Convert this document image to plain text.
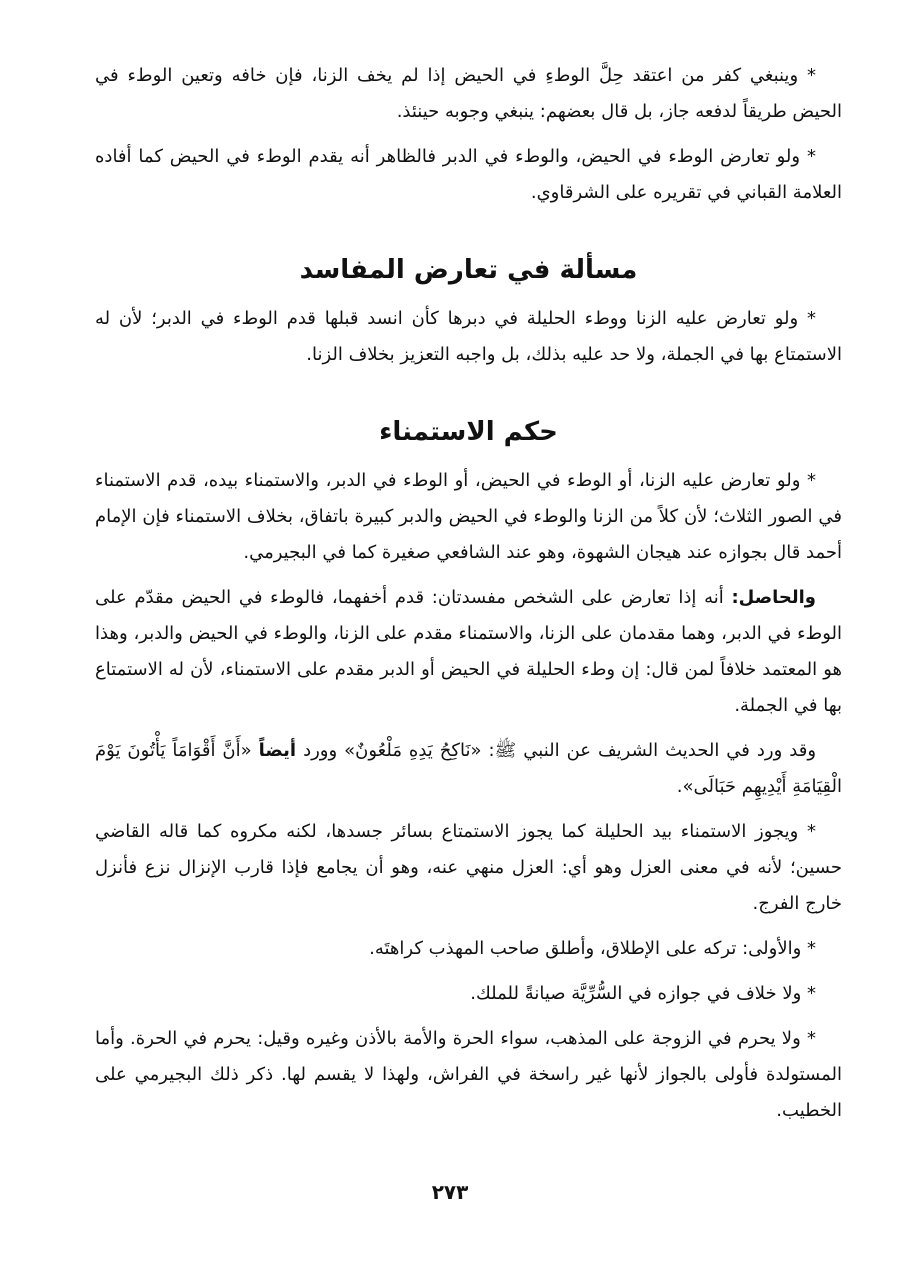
* وينبغي كفر من اعتقد حِلَّ الوطءِ في الحيض إذا لم يخف الزنا، فإن خافه وتعين الوطء في الحيض طريقاً لدفعه جاز، بل قال بعضهم: ينبغي وجوبه حينئذ.

* ولو تعارض الوطء في الحيض، والوطء في الدبر فالظاهر أنه يقدم الوطء في الحيض كما أفاده العلامة القباني في تقريره على الشرقاوي.

مسألة في تعارض المفاسد

* ولو تعارض عليه الزنا ووطء الحليلة في دبرها كأن انسد قبلها قدم الوطء في الدبر؛ لأن له الاستمتاع بها في الجملة، ولا حد عليه بذلك، بل واجبه التعزيز بخلاف الزنا.

حكم الاستمناء

* ولو تعارض عليه الزنا، أو الوطء في الحيض، أو الوطء في الدبر، والاستمناء بيده، قدم الاستمناء في الصور الثلاث؛ لأن كلاً من الزنا والوطء في الحيض والدبر كبيرة باتفاق، بخلاف الاستمناء فإن الإمام أحمد قال بجوازه عند هيجان الشهوة، وهو عند الشافعي صغيرة كما في البجيرمي.

والحاصل: أنه إذا تعارض على الشخص مفسدتان: قدم أخفهما، فالوطء في الحيض مقدّم على الوطء في الدبر، وهما مقدمان على الزنا، والاستمناء مقدم على الزنا، والوطء في الحيض والدبر، وهذا هو المعتمد خلافاً لمن قال: إن وطء الحليلة في الحيض أو الدبر مقدم على الاستمناء، لأن له الاستمتاع بها في الجملة.

وقد ورد في الحديث الشريف عن النبي ﷺ: «نَاكِحُ يَدِهِ مَلْعُونٌ» وورد أيضاً «أَنَّ أَقْوَامَاً يَأْتُونَ يَوْمَ الْقِيَامَةِ أَيْدِيهِم حَبَالَى».

* ويجوز الاستمناء بيد الحليلة كما يجوز الاستمتاع بسائر جسدها، لكنه مكروه كما قاله القاضي حسين؛ لأنه في معنى العزل وهو أي: العزل منهي عنه، وهو أن يجامع فإذا قارب الإنزال نزع فأنزل خارج الفرج.

* والأولى: تركه على الإطلاق، وأطلق صاحب المهذب كراهتَه.

* ولا خلاف في جوازه في السُّرِّيَّة صيانةً للملك.

* ولا يحرم في الزوجة على المذهب، سواء الحرة والأمة بالأذن وغيره وقيل: يحرم في الحرة. وأما المستولدة فأولى بالجواز لأنها غير راسخة في الفراش، ولهذا لا يقسم لها. ذكر ذلك البجيرمي على الخطيب.

٢٧٣
